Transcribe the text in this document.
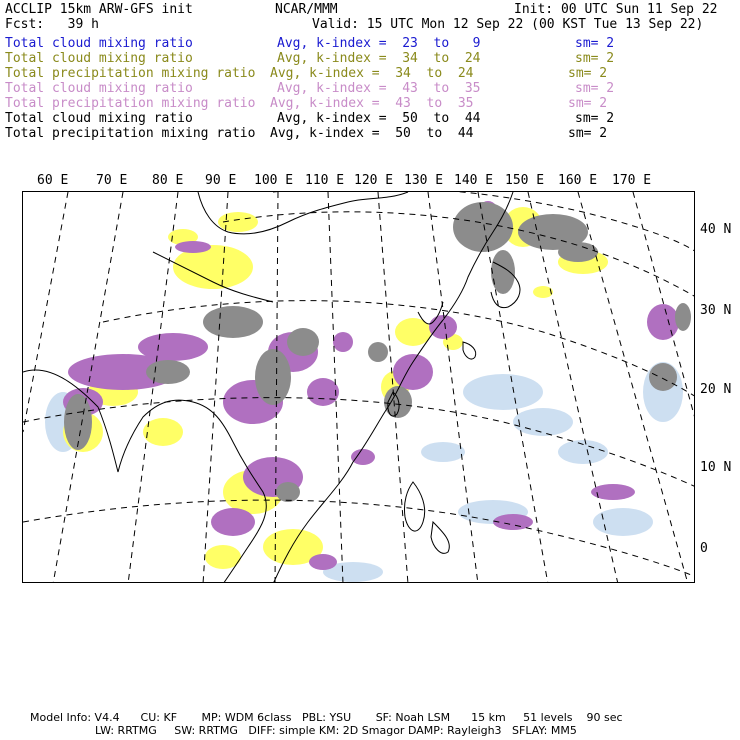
ACCLIP 15km ARW-GFS init	NCAR/MMM	Init: 00 UTC Sun 11 Sep 22
Fcst:   39 h	Valid: 15 UTC Mon 12 Sep 22 (00 KST Tue 13 Sep 22)
Total cloud mixing ratio	Avg, k-index =  23  to   9	sm= 2
Total cloud mixing ratio	Avg, k-index =  34  to  24	sm= 2
Total precipitation mixing ratio Avg, k-index =  34  to  24	sm= 2
Total cloud mixing ratio	Avg, k-index =  43  to  35	sm= 2
Total precipitation mixing ratio Avg, k-index =  43  to  35	sm= 2
Total cloud mixing ratio	Avg, k-index =  50  to  44	sm= 2
Total precipitation mixing ratio Avg, k-index =  50  to  44	sm= 2
60 E 70 E 80 E 90 E 100 E 110 E 120 E 130 E 140 E 150 E 160 E 170 E
40 N
30 N
20 N
10 N
0
Model Info: V4.4      CU: KF       MP: WDM 6class   PBL: YSU       SF: Noah LSM      15 km     51 levels    90 sec
LW: RRTMG     SW: RRTMG   DIFF: simple KM: 2D Smagor DAMP: Rayleigh3   SFLAY: MM5
